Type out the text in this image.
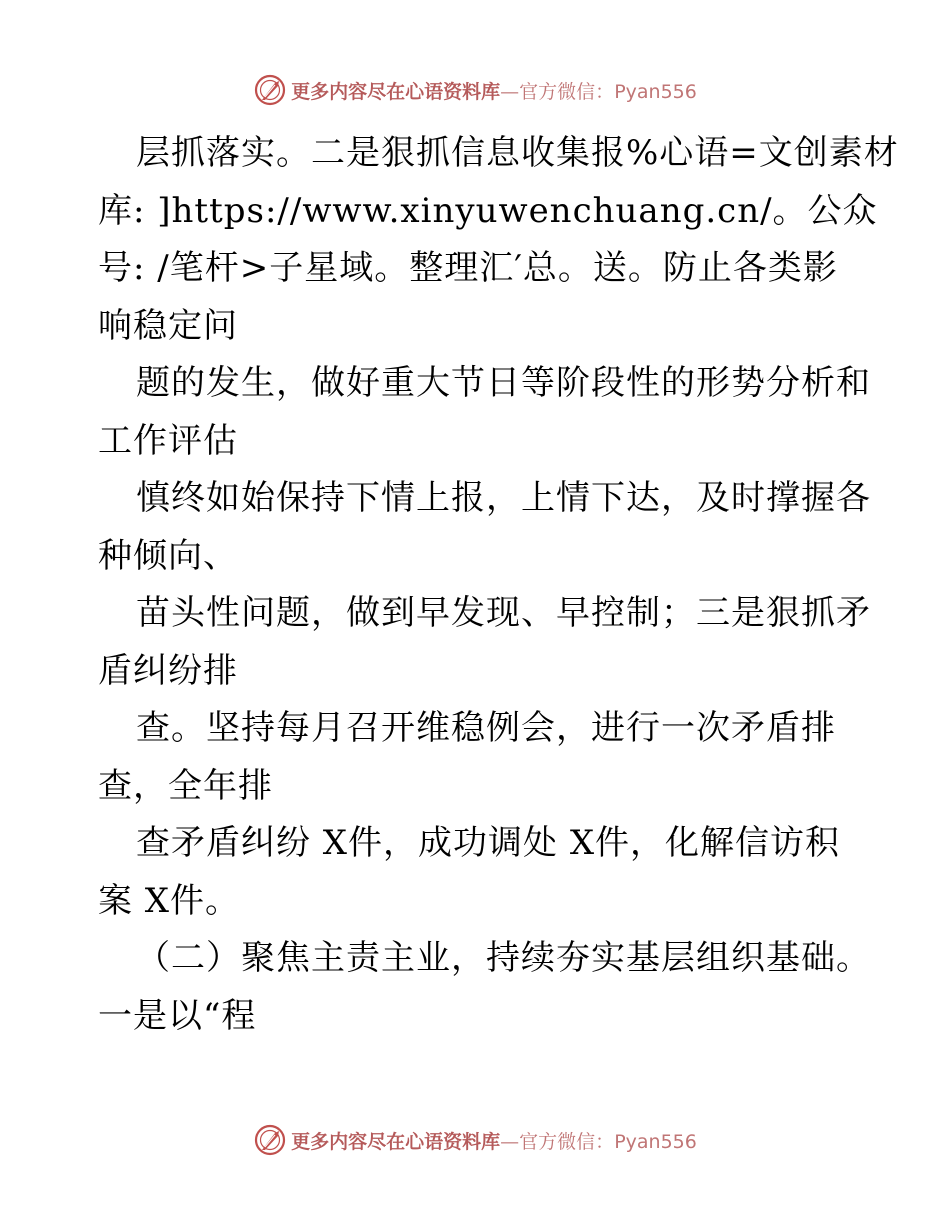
更多内容尽在心语资料库—官方微信：Pyan556
层抓落实。二是狠抓信息收集报%心语=文创素材
库: ]https://www.xinyuwenchuang.cn/。公众
号: /笔杆>子星域。整理汇′总。送。防止各类影
响稳定问
题的发生，做好重大节日等阶段性的形势分析和
工作评估
慎终如始保持下情上报，上情下达，及时撑握各
种倾向、
苗头性问题，做到早发现、早控制；三是狠抓矛
盾纠纷排
查。坚持每月召开维稳例会，进行一次矛盾排
查，全年排
查矛盾纠纷 X件，成功调处 X件，化解信访积
案 X件。
（二）聚焦主责主业，持续夯实基层组织基础。
一是以“程
更多内容尽在心语资料库—官方微信：Pyan556
